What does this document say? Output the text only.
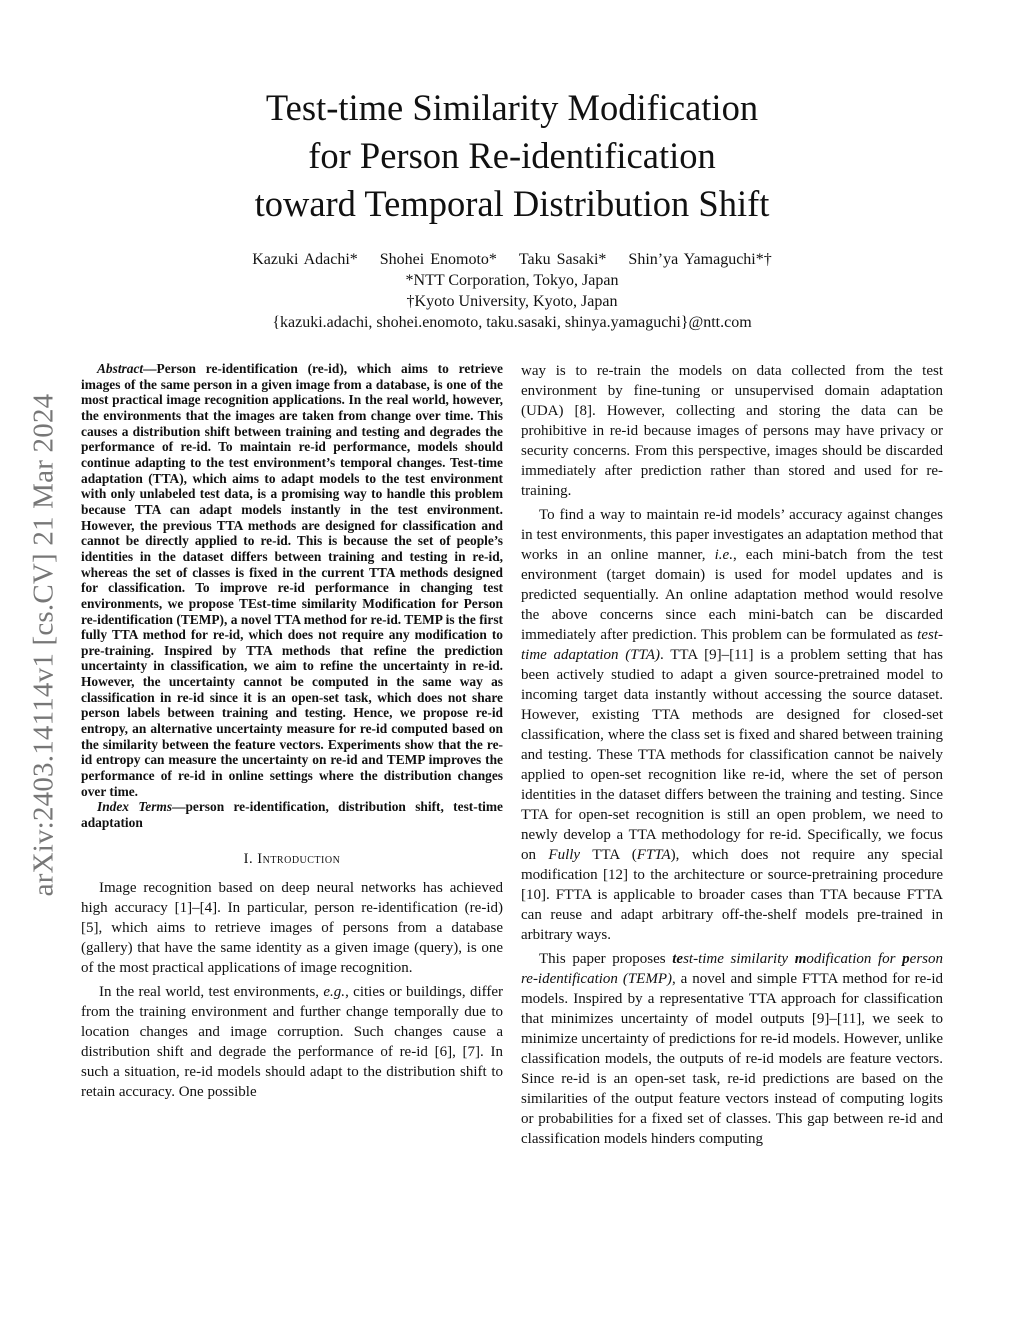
arXiv:2403.14114v1 [cs.CV] 21 Mar 2024
Test-time Similarity Modification
for Person Re-identification
toward Temporal Distribution Shift
Kazuki Adachi* Shohei Enomoto* Taku Sasaki* Shin’ya Yamaguchi*†
*NTT Corporation, Tokyo, Japan
†Kyoto University, Kyoto, Japan
{kazuki.adachi, shohei.enomoto, taku.sasaki, shinya.yamaguchi}@ntt.com

Abstract—Person re-identification (re-id), which aims to retrieve images of the same person in a given image from a database, is one of the most practical image recognition applications. In the real world, however, the environments that the images are taken from change over time. This causes a distribution shift between training and testing and degrades the performance of re-id. To maintain re-id performance, models should continue adapting to the test environment’s temporal changes. Test-time adaptation (TTA), which aims to adapt models to the test environment with only unlabeled test data, is a promising way to handle this problem because TTA can adapt models instantly in the test environment. However, the previous TTA methods are designed for classification and cannot be directly applied to re-id. This is because the set of people’s identities in the dataset differs between training and testing in re-id, whereas the set of classes is fixed in the current TTA methods designed for classification. To improve re-id performance in changing test environments, we propose TEst-time similarity Modification for Person re-identification (TEMP), a novel TTA method for re-id. TEMP is the first fully TTA method for re-id, which does not require any modification to pre-training. Inspired by TTA methods that refine the prediction uncertainty in classification, we aim to refine the uncertainty in re-id. However, the uncertainty cannot be computed in the same way as classification in re-id since it is an open-set task, which does not share person labels between training and testing. Hence, we propose re-id entropy, an alternative uncertainty measure for re-id computed based on the similarity between the feature vectors. Experiments show that the re-id entropy can measure the uncertainty on re-id and TEMP improves the performance of re-id in online settings where the distribution changes over time.

Index Terms—person re-identification, distribution shift, test-time adaptation

I. Introduction

Image recognition based on deep neural networks has achieved high accuracy [1]–[4]. In particular, person re-identification (re-id) [5], which aims to retrieve images of persons from a database (gallery) that have the same identity as a given image (query), is one of the most practical applications of image recognition.

In the real world, test environments, e.g., cities or buildings, differ from the training environment and further change temporally due to location changes and image corruption. Such changes cause a distribution shift and degrade the performance of re-id [6], [7]. In such a situation, re-id models should adapt to the distribution shift to retain accuracy. One possible

way is to re-train the models on data collected from the test environment by fine-tuning or unsupervised domain adaptation (UDA) [8]. However, collecting and storing the data can be prohibitive in re-id because images of persons may have privacy or security concerns. From this perspective, images should be discarded immediately after prediction rather than stored and used for re-training.

To find a way to maintain re-id models’ accuracy against changes in test environments, this paper investigates an adaptation method that works in an online manner, i.e., each mini-batch from the test environment (target domain) is used for model updates and is predicted sequentially. An online adaptation method would resolve the above concerns since each mini-batch can be discarded immediately after prediction. This problem can be formulated as test-time adaptation (TTA). TTA [9]–[11] is a problem setting that has been actively studied to adapt a given source-pretrained model to incoming target data instantly without accessing the source dataset. However, existing TTA methods are designed for closed-set classification, where the class set is fixed and shared between training and testing. These TTA methods for classification cannot be naively applied to open-set recognition like re-id, where the set of person identities in the dataset differs between the training and testing. Since TTA for open-set recognition is still an open problem, we need to newly develop a TTA methodology for re-id. Specifically, we focus on Fully TTA (FTTA), which does not require any special modification [12] to the architecture or source-pretraining procedure [10]. FTTA is applicable to broader cases than TTA because FTTA can reuse and adapt arbitrary off-the-shelf models pre-trained in arbitrary ways.

This paper proposes test-time similarity modification for person re-identification (TEMP), a novel and simple FTTA method for re-id models. Inspired by a representative TTA approach for classification that minimizes uncertainty of model outputs [9]–[11], we seek to minimize uncertainty of predictions for re-id models. However, unlike classification models, the outputs of re-id models are feature vectors. Since re-id is an open-set task, re-id predictions are based on the similarities of the output feature vectors instead of computing logits or probabilities for a fixed set of classes. This gap between re-id and classification models hinders computing
